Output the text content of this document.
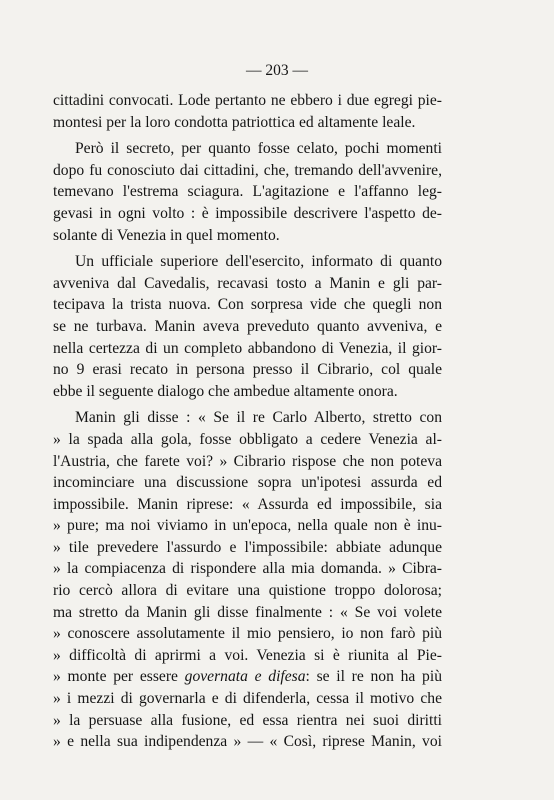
— 203 —
cittadini convocati. Lode pertanto ne ebbero i due egregi pie-
montesi per la loro condotta patriottica ed altamente leale.
Però il secreto, per quanto fosse celato, pochi momenti
dopo fu conosciuto dai cittadini, che, tremando dell'avvenire,
temevano l'estrema sciagura. L'agitazione e l'affanno leg-
gevasi in ogni volto : è impossibile descrivere l'aspetto de-
solante di Venezia in quel momento.
Un ufficiale superiore dell'esercito, informato di quanto
avveniva dal Cavedalis, recavasi tosto a Manin e gli par-
tecipava la trista nuova. Con sorpresa vide che quegli non
se ne turbava. Manin aveva preveduto quanto avveniva, e
nella certezza di un completo abbandono di Venezia, il gior-
no 9 erasi recato in persona presso il Cibrario, col quale
ebbe il seguente dialogo che ambedue altamente onora.
Manin gli disse : « Se il re Carlo Alberto, stretto con
» la spada alla gola, fosse obbligato a cedere Venezia al-
l'Austria, che farete voi? » Cibrario rispose che non poteva
incominciare una discussione sopra un'ipotesi assurda ed
impossibile. Manin riprese: « Assurda ed impossibile, sia
» pure; ma noi viviamo in un'epoca, nella quale non è inu-
» tile prevedere l'assurdo e l'impossibile: abbiate adunque
» la compiacenza di rispondere alla mia domanda. » Cibra-
rio cercò allora di evitare una quistione troppo dolorosa;
ma stretto da Manin gli disse finalmente : « Se voi volete
» conoscere assolutamente il mio pensiero, io non farò più
» difficoltà di aprirmi a voi. Venezia si è riunita al Pie-
» monte per essere governata e difesa: se il re non ha più
» i mezzi di governarla e di difenderla, cessa il motivo che
» la persuase alla fusione, ed essa rientra nei suoi diritti
» e nella sua indipendenza » — « Così, riprese Manin, voi
